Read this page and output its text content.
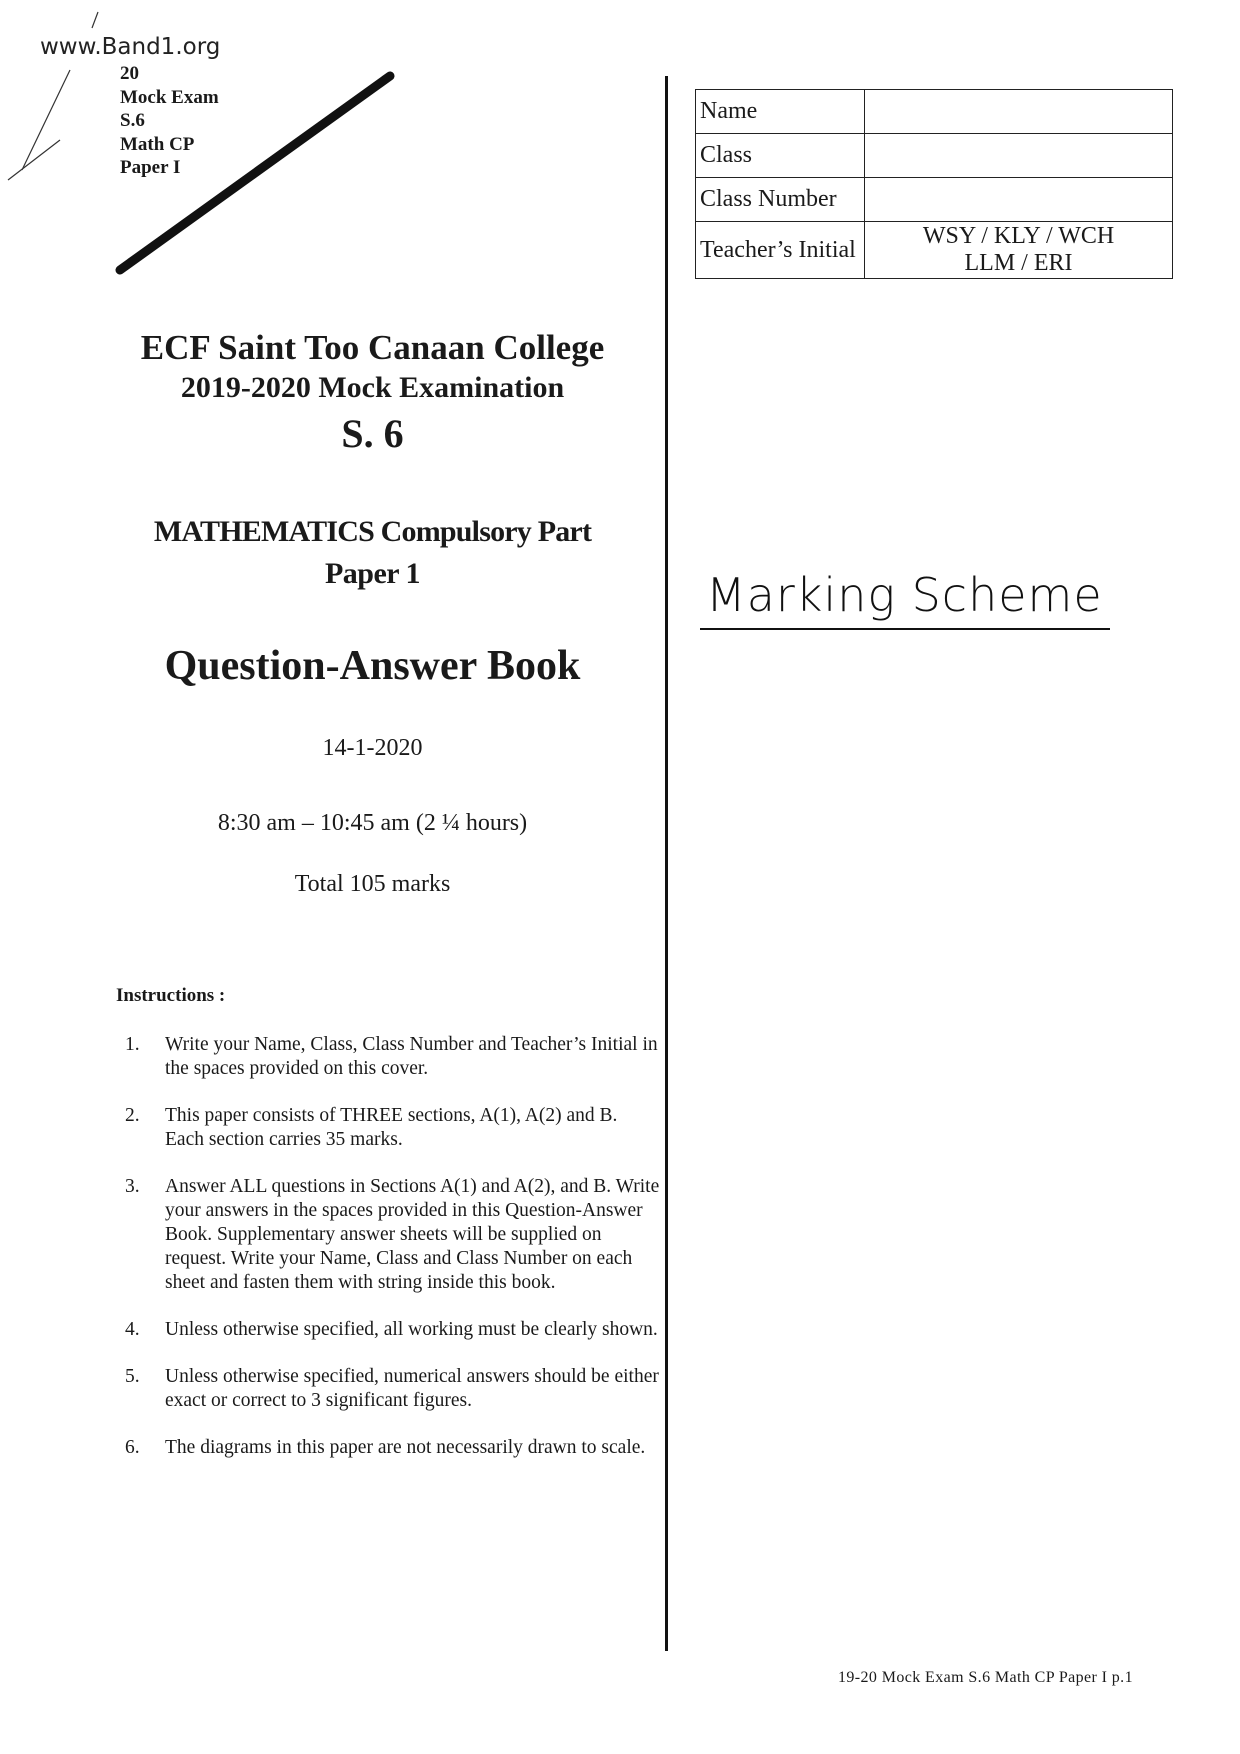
www.Band1.org
20
Mock Exam
S.6
Math CP
Paper I
Name	
Class	
Class Number	
Teacher’s Initial	WSY / KLY / WCH
LLM / ERI
ECF Saint Too Canaan College
2019-2020 Mock Examination
S. 6
MATHEMATICS Compulsory Part
Paper 1
Question-Answer Book
14-1-2020
8:30 am – 10:45 am (2 ¼ hours)
Total 105 marks
Marking Scheme
Instructions :
1.	Write your Name, Class, Class Number and Teacher’s Initial in the spaces provided on this cover.
2.	This paper consists of THREE sections, A(1), A(2) and B. Each section carries 35 marks.
3.	Answer ALL questions in Sections A(1) and A(2), and B. Write your answers in the spaces provided in this Question-Answer Book. Supplementary answer sheets will be supplied on request. Write your Name, Class and Class Number on each sheet and fasten them with string inside this book.
4.	Unless otherwise specified, all working must be clearly shown.
5.	Unless otherwise specified, numerical answers should be either exact or correct to 3 significant figures.
6.	The diagrams in this paper are not necessarily drawn to scale.
19-20 Mock Exam S.6 Math CP Paper I p.1
